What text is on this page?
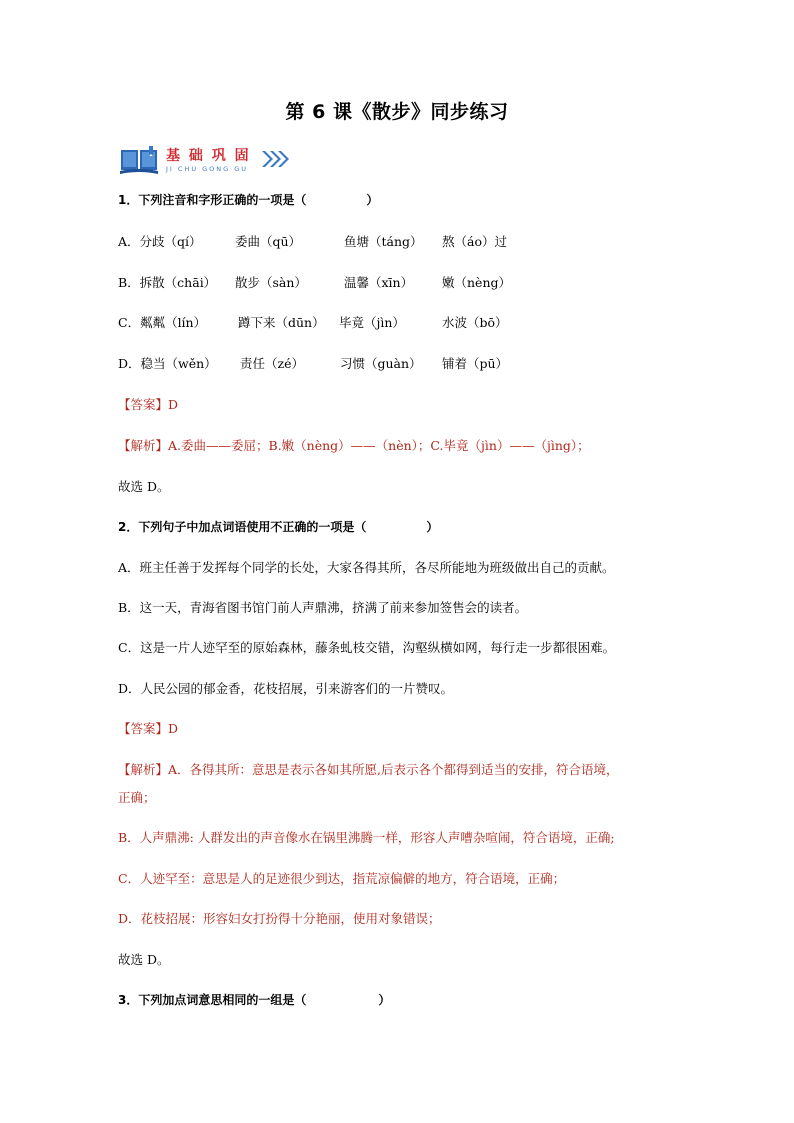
第 6 课《散步》同步练习
基 础 巩 固
JI CHU GONG GU
1．下列注音和字形正确的一项是（　　　　　）
A．分歧（qí）	委曲（qū）	鱼塘（táng） 熬（áo）过
B．拆散（chāi） 散步（sàn）	温馨（xīn） 嫩（nèng）
C．粼粼（lín）	蹲下来（dūn） 毕竟（jìn）	水波（bō）
D．稳当（wěn） 责任（zé）	习惯（guàn） 铺着（pū）
【答案】D
【解析】A.委曲——委屈；B.嫩（nèng）——（nèn）；C.毕竟（jìn）——（jìng）；
故选 D。
2．下列句子中加点词语使用不正确的一项是（　　　　　）
A．班主任善于发挥每个同学的长处，大家各得其所，各尽所能地为班级做出自己的贡献。
B．这一天，青海省图书馆门前人声鼎沸，挤满了前来参加签售会的读者。
C．这是一片人迹罕至的原始森林，藤条虬枝交错，沟壑纵横如网，每行走一步都很困难。
D．人民公园的郁金香，花枝招展，引来游客们的一片赞叹。
【答案】D
【解析】A．各得其所：意思是表示各如其所愿,后表示各个都得到适当的安排，符合语境，
正确；
B．人声鼎沸: 人群发出的声音像水在锅里沸腾一样，形容人声嘈杂喧闹，符合语境，正确;
C．人迹罕至：意思是人的足迹很少到达，指荒凉偏僻的地方，符合语境，正确；
D．花枝招展：形容妇女打扮得十分艳丽，使用对象错误；
故选 D。
3．下列加点词意思相同的一组是（　　　　　　）
